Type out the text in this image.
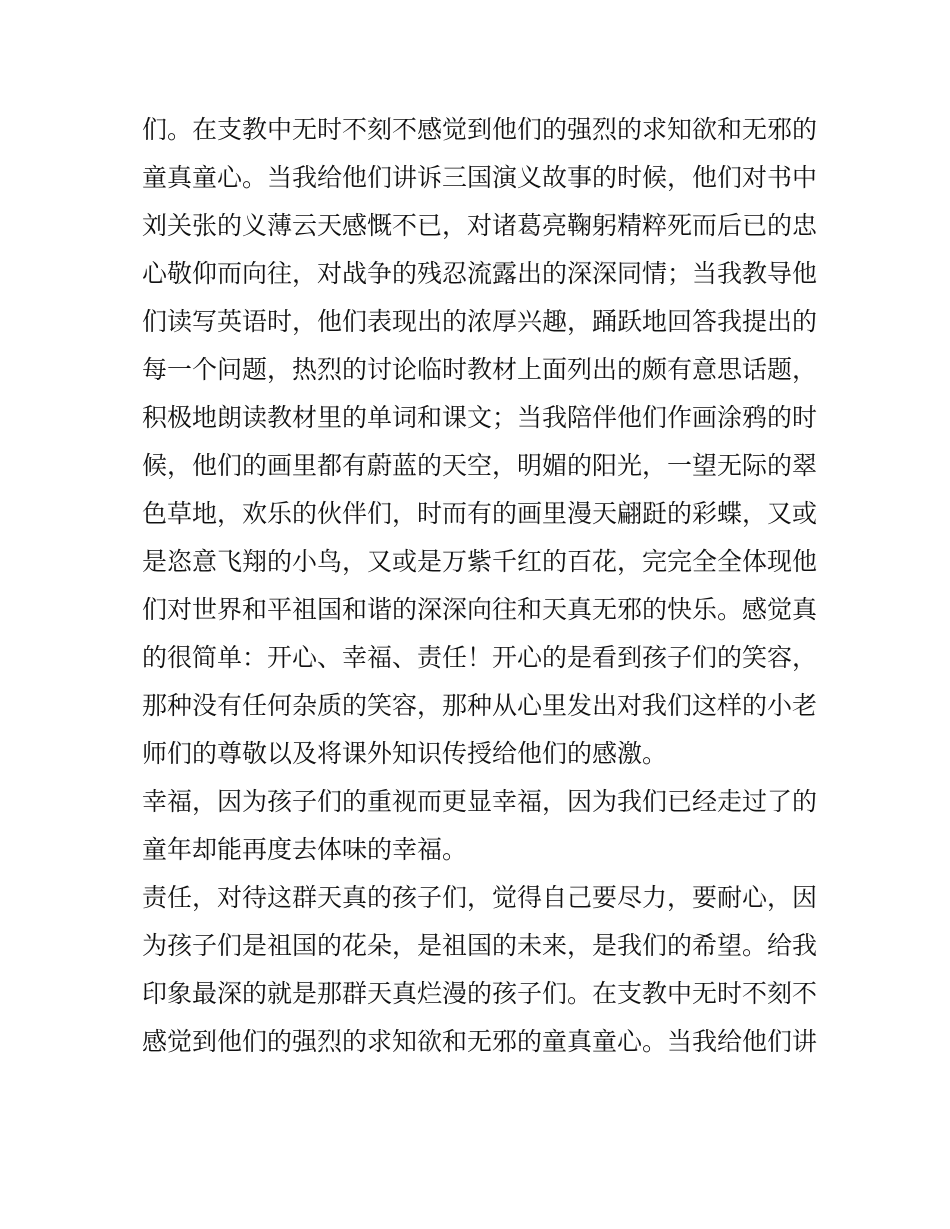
们。在支教中无时不刻不感觉到他们的强烈的求知欲和无邪的
童真童心。当我给他们讲诉三国演义故事的时候，他们对书中
刘关张的义薄云天感慨不已，对诸葛亮鞠躬精粹死而后已的忠
心敬仰而向往，对战争的残忍流露出的深深同情；当我教导他
们读写英语时，他们表现出的浓厚兴趣，踊跃地回答我提出的
每一个问题，热烈的讨论临时教材上面列出的颇有意思话题，
积极地朗读教材里的单词和课文；当我陪伴他们作画涂鸦的时
候，他们的画里都有蔚蓝的天空，明媚的阳光，一望无际的翠
色草地，欢乐的伙伴们，时而有的画里漫天翩跹的彩蝶，又或
是恣意飞翔的小鸟，又或是万紫千红的百花，完完全全体现他
们对世界和平祖国和谐的深深向往和天真无邪的快乐。感觉真
的很简单：开心、幸福、责任！开心的是看到孩子们的笑容，
那种没有任何杂质的笑容，那种从心里发出对我们这样的小老
师们的尊敬以及将课外知识传授给他们的感激。
幸福，因为孩子们的重视而更显幸福，因为我们已经走过了的
童年却能再度去体味的幸福。
责任，对待这群天真的孩子们，觉得自己要尽力，要耐心，因
为孩子们是祖国的花朵，是祖国的未来，是我们的希望。给我
印象最深的就是那群天真烂漫的孩子们。在支教中无时不刻不
感觉到他们的强烈的求知欲和无邪的童真童心。当我给他们讲
